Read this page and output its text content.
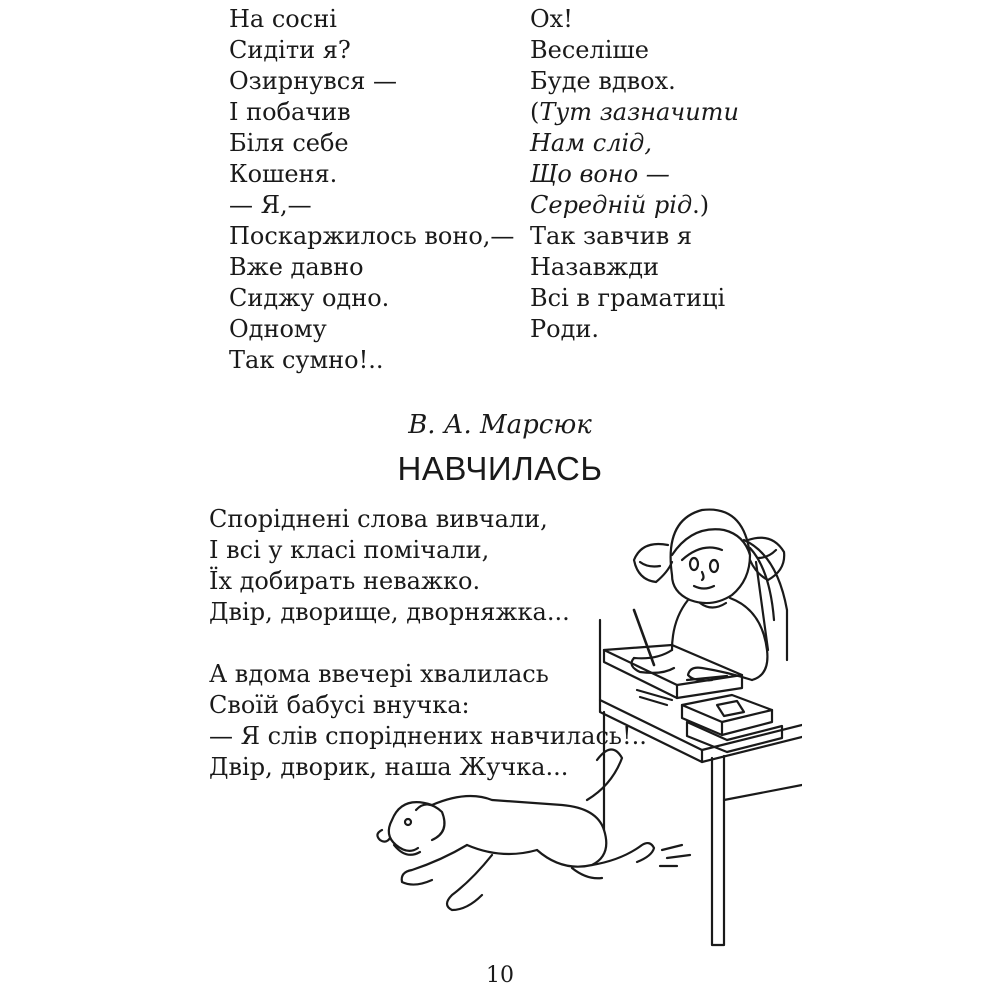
На сосні
Сидіти я?
Озирнувся —
І побачив
Біля себе
Кошеня.
— Я,—
Поскаржилось воно,—
Вже давно
Сиджу одно.
Одному
Так сумно!..
Ох!
Веселіше
Буде вдвох.
(Тут зазначити
Нам слід,
Що воно —
Середній рід.)
Так завчив я
Назавжди
Всі в граматиці
Роди.
В. А. Марсюк
НАВЧИЛАСЬ
Споріднені слова вивчали,
І всі у класі помічали,
Їх добирать неважко.
Двір, дворище, дворняжка...
А вдома ввечері хвалилась
Своїй бабусі внучка:
— Я слів споріднених навчилась!..
Двір, дворик, наша Жучка...
10
